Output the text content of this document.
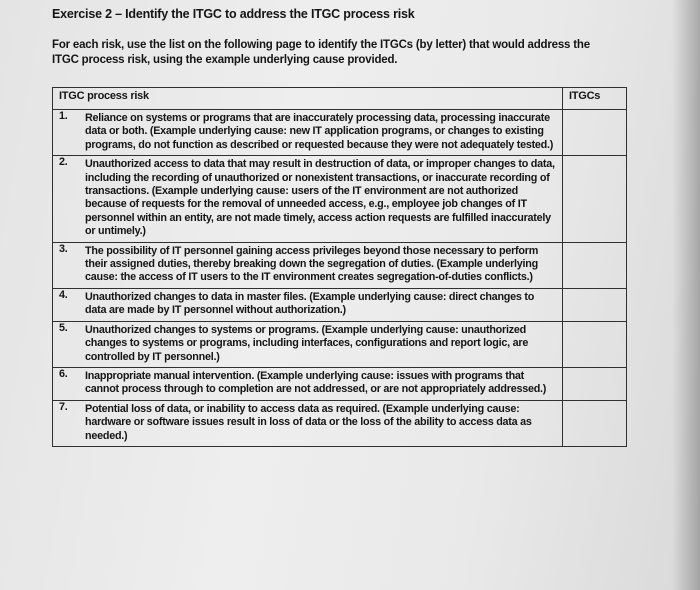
Exercise 2 – Identify the ITGC to address the ITGC process risk
For each risk, use the list on the following page to identify the ITGCs (by letter) that would address the ITGC process risk, using the example underlying cause provided.
ITGC process risk	ITGCs

1. Reliance on systems or programs that are inaccurately processing data, processing inaccurate data or both. (Example underlying cause: new IT application programs, or changes to existing programs, do not function as described or requested because they were not adequately tested.)	

2. Unauthorized access to data that may result in destruction of data, or improper changes to data, including the recording of unauthorized or nonexistent transactions, or inaccurate recording of transactions. (Example underlying cause: users of the IT environment are not authorized because of requests for the removal of unneeded access, e.g., employee job changes of IT personnel within an entity, are not made timely, access action requests are fulfilled inaccurately or untimely.)	

3. The possibility of IT personnel gaining access privileges beyond those necessary to perform their assigned duties, thereby breaking down the segregation of duties. (Example underlying cause: the access of IT users to the IT environment creates segregation-of-duties conflicts.)	

4. Unauthorized changes to data in master files. (Example underlying cause: direct changes to data are made by IT personnel without authorization.)	

5. Unauthorized changes to systems or programs. (Example underlying cause: unauthorized changes to systems or programs, including interfaces, configurations and report logic, are controlled by IT personnel.)	

6. Inappropriate manual intervention. (Example underlying cause: issues with programs that cannot process through to completion are not addressed, or are not appropriately addressed.)	

7. Potential loss of data, or inability to access data as required. (Example underlying cause: hardware or software issues result in loss of data or the loss of the ability to access data as needed.)	
